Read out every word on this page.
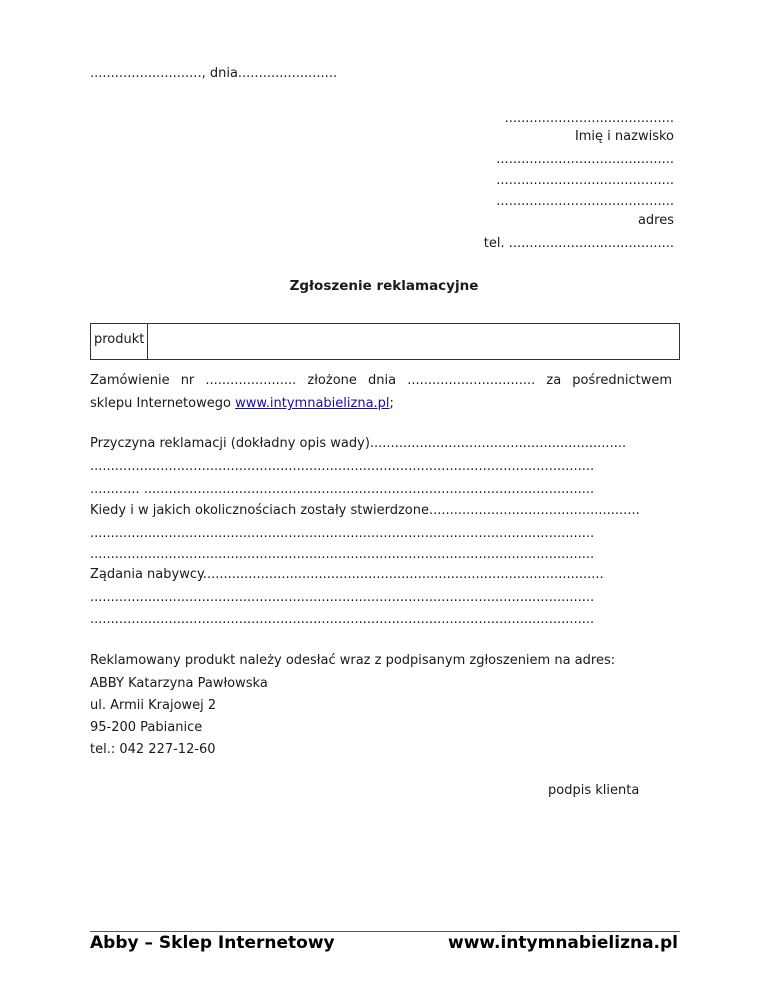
..........................., dnia........................
.........................................
Imię i nazwisko
...........................................
...........................................
...........................................
adres
tel. ........................................
Zgłoszenie reklamacyjne
produkt
Zamówienie nr ...................... złożone dnia ............................... za pośrednictwem
sklepu Internetowego www.intymnabielizna.pl;
Przyczyna reklamacji (dokładny opis wady)..............................................................
..........................................................................................................................
............ .............................................................................................................
Kiedy i w jakich okolicznościach zostały stwierdzone...................................................
..........................................................................................................................
..........................................................................................................................
Żądania nabywcy.................................................................................................
..........................................................................................................................
..........................................................................................................................
Reklamowany produkt należy odesłać wraz z podpisanym zgłoszeniem na adres:
ABBY Katarzyna Pawłowska
ul. Armii Krajowej 2
95-200 Pabianice
tel.: 042 227-12-60
podpis klienta
Abby – Sklep Internetowy	www.intymnabielizna.pl
